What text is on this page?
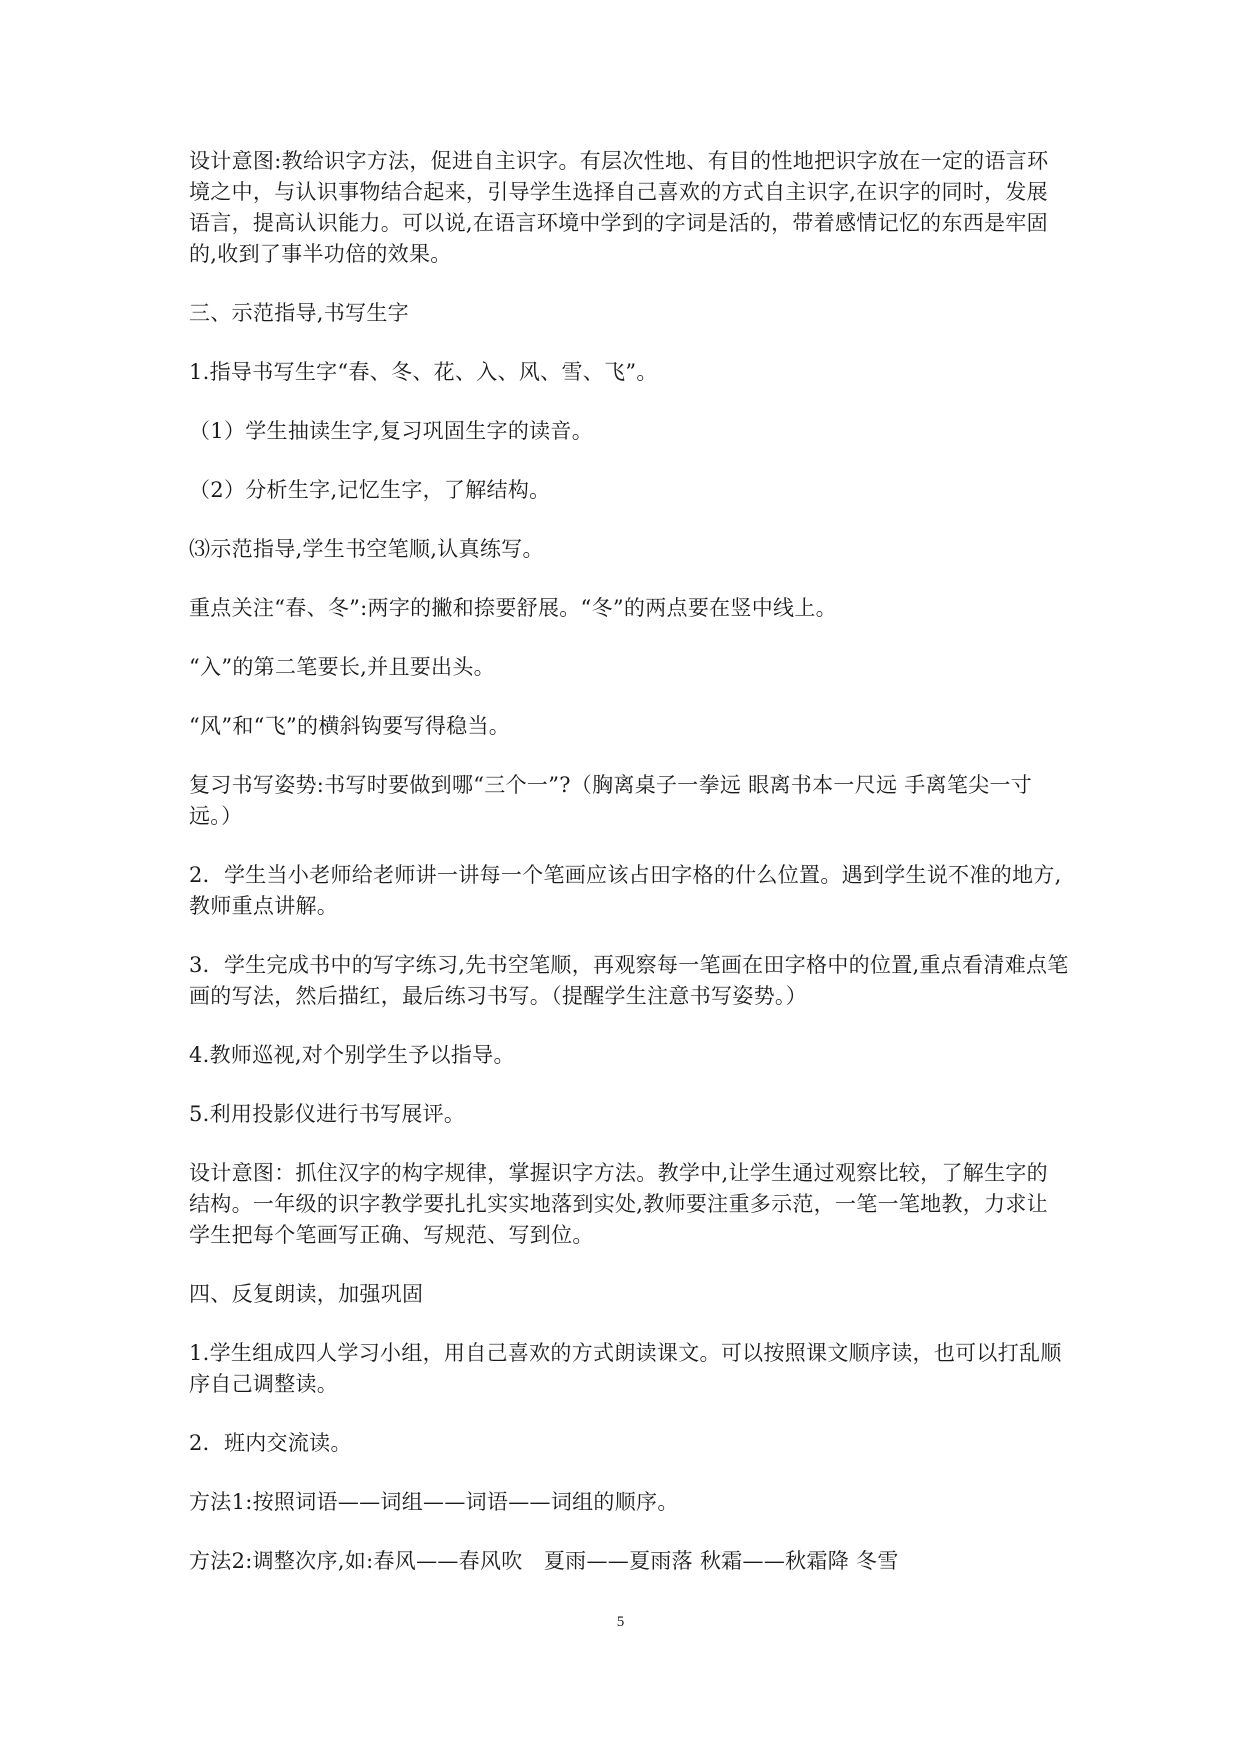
设计意图:教给识字方法，促进自主识字。有层次性地、有目的性地把识字放在一定的语言环境之中，与认识事物结合起来，引导学生选择自己喜欢的方式自主识字,在识字的同时，发展语言，提高认识能力。可以说,在语言环境中学到的字词是活的，带着感情记忆的东西是牢固的,收到了事半功倍的效果。

三、示范指导,书写生字

1.指导书写生字“春、冬、花、入、风、雪、飞”。

（1）学生抽读生字,复习巩固生字的读音。

（2）分析生字,记忆生字，了解结构。

⑶示范指导,学生书空笔顺,认真练写。

重点关注“春、冬”:两字的撇和捺要舒展。“冬”的两点要在竖中线上。

“入”的第二笔要长,并且要出头。

“风”和“飞”的横斜钩要写得稳当。

复习书写姿势:书写时要做到哪“三个一”?（胸离桌子一拳远 眼离书本一尺远 手离笔尖一寸远。）

2．学生当小老师给老师讲一讲每一个笔画应该占田字格的什么位置。遇到学生说不准的地方,教师重点讲解。

3．学生完成书中的写字练习,先书空笔顺，再观察每一笔画在田字格中的位置,重点看清难点笔画的写法，然后描红，最后练习书写。（提醒学生注意书写姿势。）

4.教师巡视,对个别学生予以指导。

5.利用投影仪进行书写展评。

设计意图：抓住汉字的构字规律，掌握识字方法。教学中,让学生通过观察比较，了解生字的结构。一年级的识字教学要扎扎实实地落到实处,教师要注重多示范，一笔一笔地教，力求让学生把每个笔画写正确、写规范、写到位。

四、反复朗读，加强巩固

1.学生组成四人学习小组，用自己喜欢的方式朗读课文。可以按照课文顺序读，也可以打乱顺序自己调整读。

2．班内交流读。

方法1:按照词语——词组——词语——词组的顺序。

方法2:调整次序,如:春风——春风吹　夏雨——夏雨落 秋霜——秋霜降 冬雪

5
